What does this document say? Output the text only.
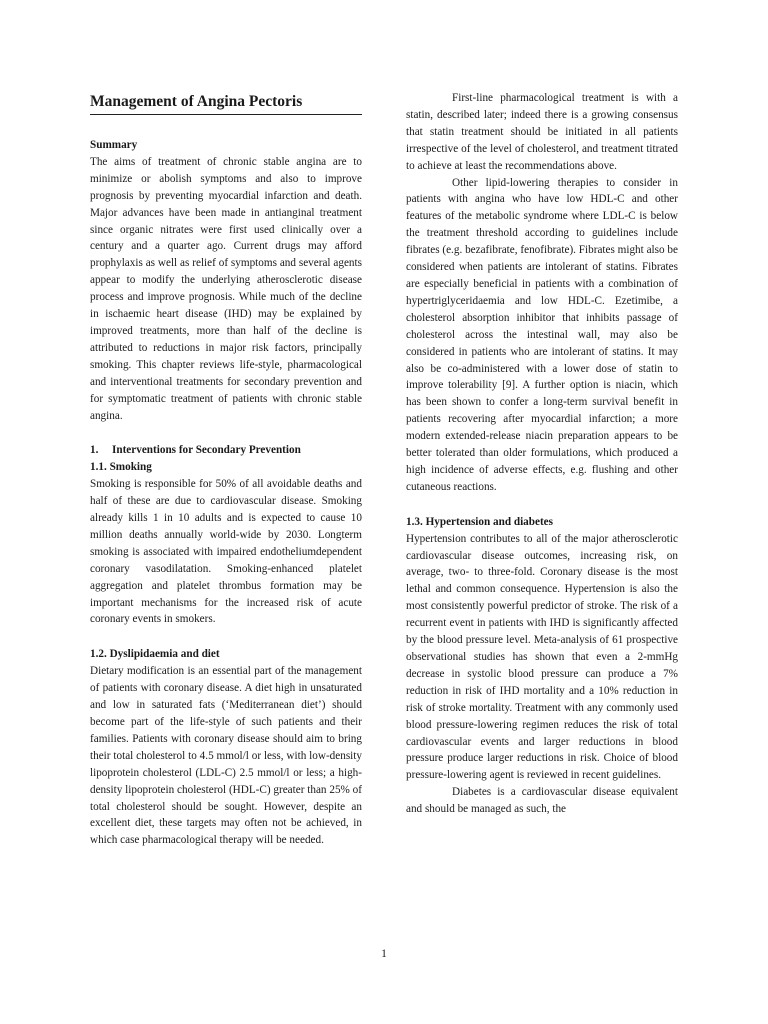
Management of Angina Pectoris

Summary

The aims of treatment of chronic stable angina are to minimize or abolish symptoms and also to improve prognosis by preventing myocardial infarction and death. Major advances have been made in antianginal treatment since organic nitrates were first used clinically over a century and a quarter ago. Current drugs may afford prophylaxis as well as relief of symptoms and several agents appear to modify the underlying atherosclerotic disease process and improve prognosis. While much of the decline in ischaemic heart disease (IHD) may be explained by improved treatments, more than half of the decline is attributed to reductions in major risk factors, principally smoking. This chapter reviews life-style, pharmacological and interventional treatments for secondary prevention and for symptomatic treatment of patients with chronic stable angina.

1. Interventions for Secondary Prevention

1.1. Smoking

Smoking is responsible for 50% of all avoidable deaths and half of these are due to cardiovascular disease. Smoking already kills 1 in 10 adults and is expected to cause 10 million deaths annually world-wide by 2030. Longterm smoking is associated with impaired endotheliumdependent coronary vasodilatation. Smoking-enhanced platelet aggregation and platelet thrombus formation may be important mechanisms for the increased risk of acute coronary events in smokers.

1.2. Dyslipidaemia and diet

Dietary modification is an essential part of the management of patients with coronary disease. A diet high in unsaturated and low in saturated fats (‘Mediterranean diet’) should become part of the life-style of such patients and their families. Patients with coronary disease should aim to bring their total cholesterol to 4.5 mmol/l or less, with low-density lipoprotein cholesterol (LDL-C) 2.5 mmol/l or less; a high-density lipoprotein cholesterol (HDL-C) greater than 25% of total cholesterol should be sought. However, despite an excellent diet, these targets may often not be achieved, in which case pharmacological therapy will be needed.

First-line pharmacological treatment is with a statin, described later; indeed there is a growing consensus that statin treatment should be initiated in all patients irrespective of the level of cholesterol, and treatment titrated to achieve at least the recommendations above.

Other lipid-lowering therapies to consider in patients with angina who have low HDL-C and other features of the metabolic syndrome where LDL-C is below the treatment threshold according to guidelines include fibrates (e.g. bezafibrate, fenofibrate). Fibrates might also be considered when patients are intolerant of statins. Fibrates are especially beneficial in patients with a combination of hypertriglyceridaemia and low HDL-C. Ezetimibe, a cholesterol absorption inhibitor that inhibits passage of cholesterol across the intestinal wall, may also be considered in patients who are intolerant of statins. It may also be co-administered with a lower dose of statin to improve tolerability [9]. A further option is niacin, which has been shown to confer a long-term survival benefit in patients recovering after myocardial infarction; a more modern extended-release niacin preparation appears to be better tolerated than older formulations, which produced a high incidence of adverse effects, e.g. flushing and other cutaneous reactions.

1.3. Hypertension and diabetes

Hypertension contributes to all of the major atherosclerotic cardiovascular disease outcomes, increasing risk, on average, two- to three-fold. Coronary disease is the most lethal and common consequence. Hypertension is also the most consistently powerful predictor of stroke. The risk of a recurrent event in patients with IHD is significantly affected by the blood pressure level. Meta-analysis of 61 prospective observational studies has shown that even a 2-mmHg decrease in systolic blood pressure can produce a 7% reduction in risk of IHD mortality and a 10% reduction in risk of stroke mortality. Treatment with any commonly used blood pressure-lowering regimen reduces the risk of total cardiovascular events and larger reductions in blood pressure produce larger reductions in risk. Choice of blood pressure-lowering agent is reviewed in recent guidelines.

Diabetes is a cardiovascular disease equivalent and should be managed as such, the

1
